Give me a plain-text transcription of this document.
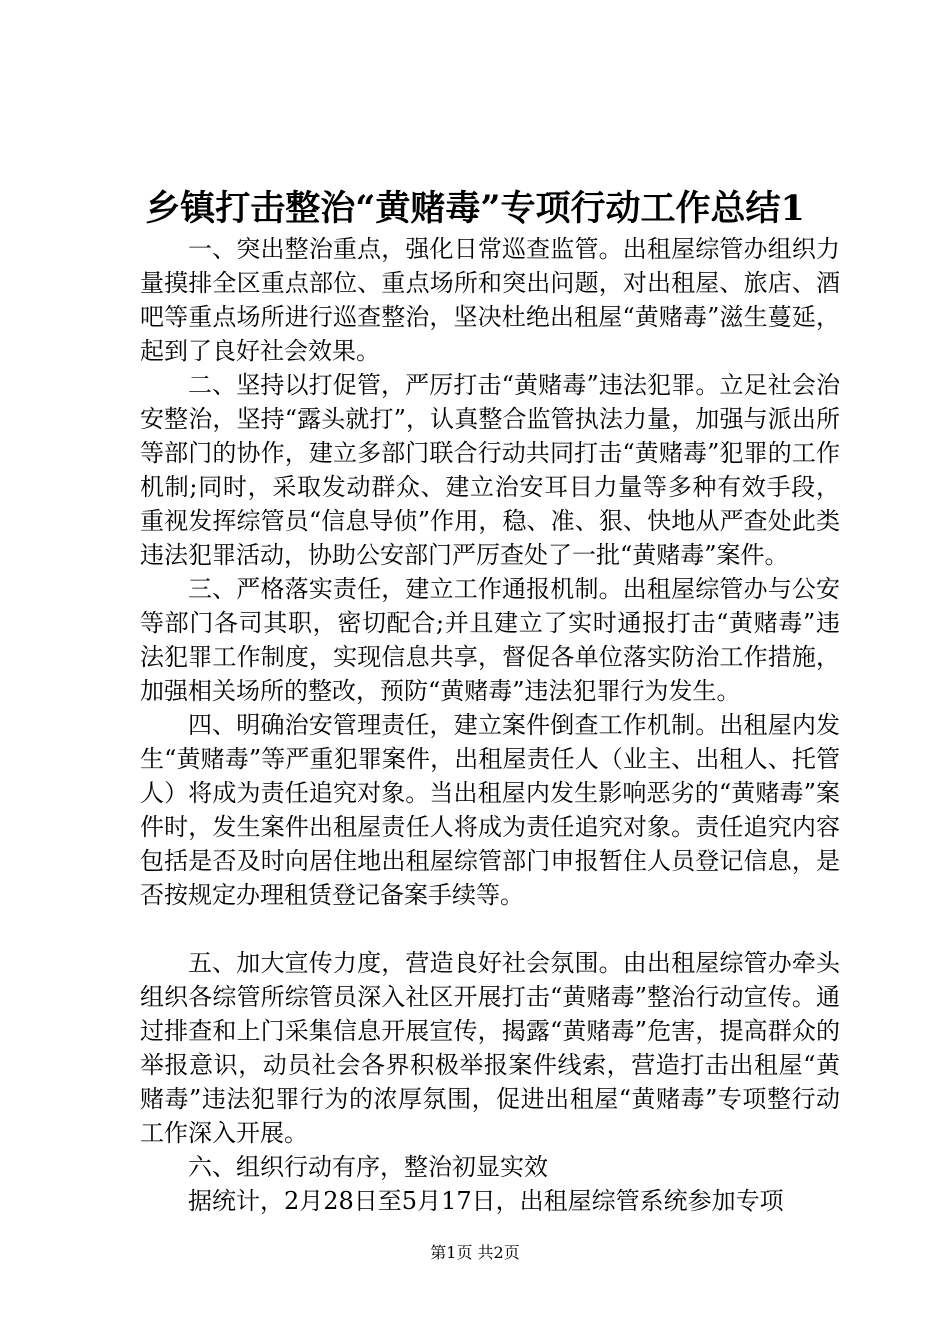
乡镇打击整治“黄赌毒”专项行动工作总结1

一、突出整治重点，强化日常巡查监管。出租屋综管办组织力量摸排全区重点部位、重点场所和突出问题，对出租屋、旅店、酒吧等重点场所进行巡查整治，坚决杜绝出租屋“黄赌毒”滋生蔓延，起到了良好社会效果。

二、坚持以打促管，严厉打击“黄赌毒”违法犯罪。立足社会治安整治，坚持“露头就打”，认真整合监管执法力量，加强与派出所等部门的协作，建立多部门联合行动共同打击“黄赌毒”犯罪的工作机制;同时，采取发动群众、建立治安耳目力量等多种有效手段，重视发挥综管员“信息导侦”作用，稳、准、狠、快地从严查处此类违法犯罪活动，协助公安部门严厉查处了一批“黄赌毒”案件。

三、严格落实责任，建立工作通报机制。出租屋综管办与公安等部门各司其职，密切配合;并且建立了实时通报打击“黄赌毒”违法犯罪工作制度，实现信息共享，督促各单位落实防治工作措施，加强相关场所的整改，预防“黄赌毒”违法犯罪行为发生。

四、明确治安管理责任，建立案件倒查工作机制。出租屋内发生“黄赌毒”等严重犯罪案件，出租屋责任人（业主、出租人、托管人）将成为责任追究对象。当出租屋内发生影响恶劣的“黄赌毒”案件时，发生案件出租屋责任人将成为责任追究对象。责任追究内容包括是否及时向居住地出租屋综管部门申报暂住人员登记信息，是否按规定办理租赁登记备案手续等。

五、加大宣传力度，营造良好社会氛围。由出租屋综管办牵头组织各综管所综管员深入社区开展打击“黄赌毒”整治行动宣传。通过排查和上门采集信息开展宣传，揭露“黄赌毒”危害，提高群众的举报意识，动员社会各界积极举报案件线索，营造打击出租屋“黄赌毒”违法犯罪行为的浓厚氛围，促进出租屋“黄赌毒”专项整行动工作深入开展。

六、组织行动有序，整治初显实效

据统计，2月28日至5月17日，出租屋综管系统参加专项

第1页 共2页
